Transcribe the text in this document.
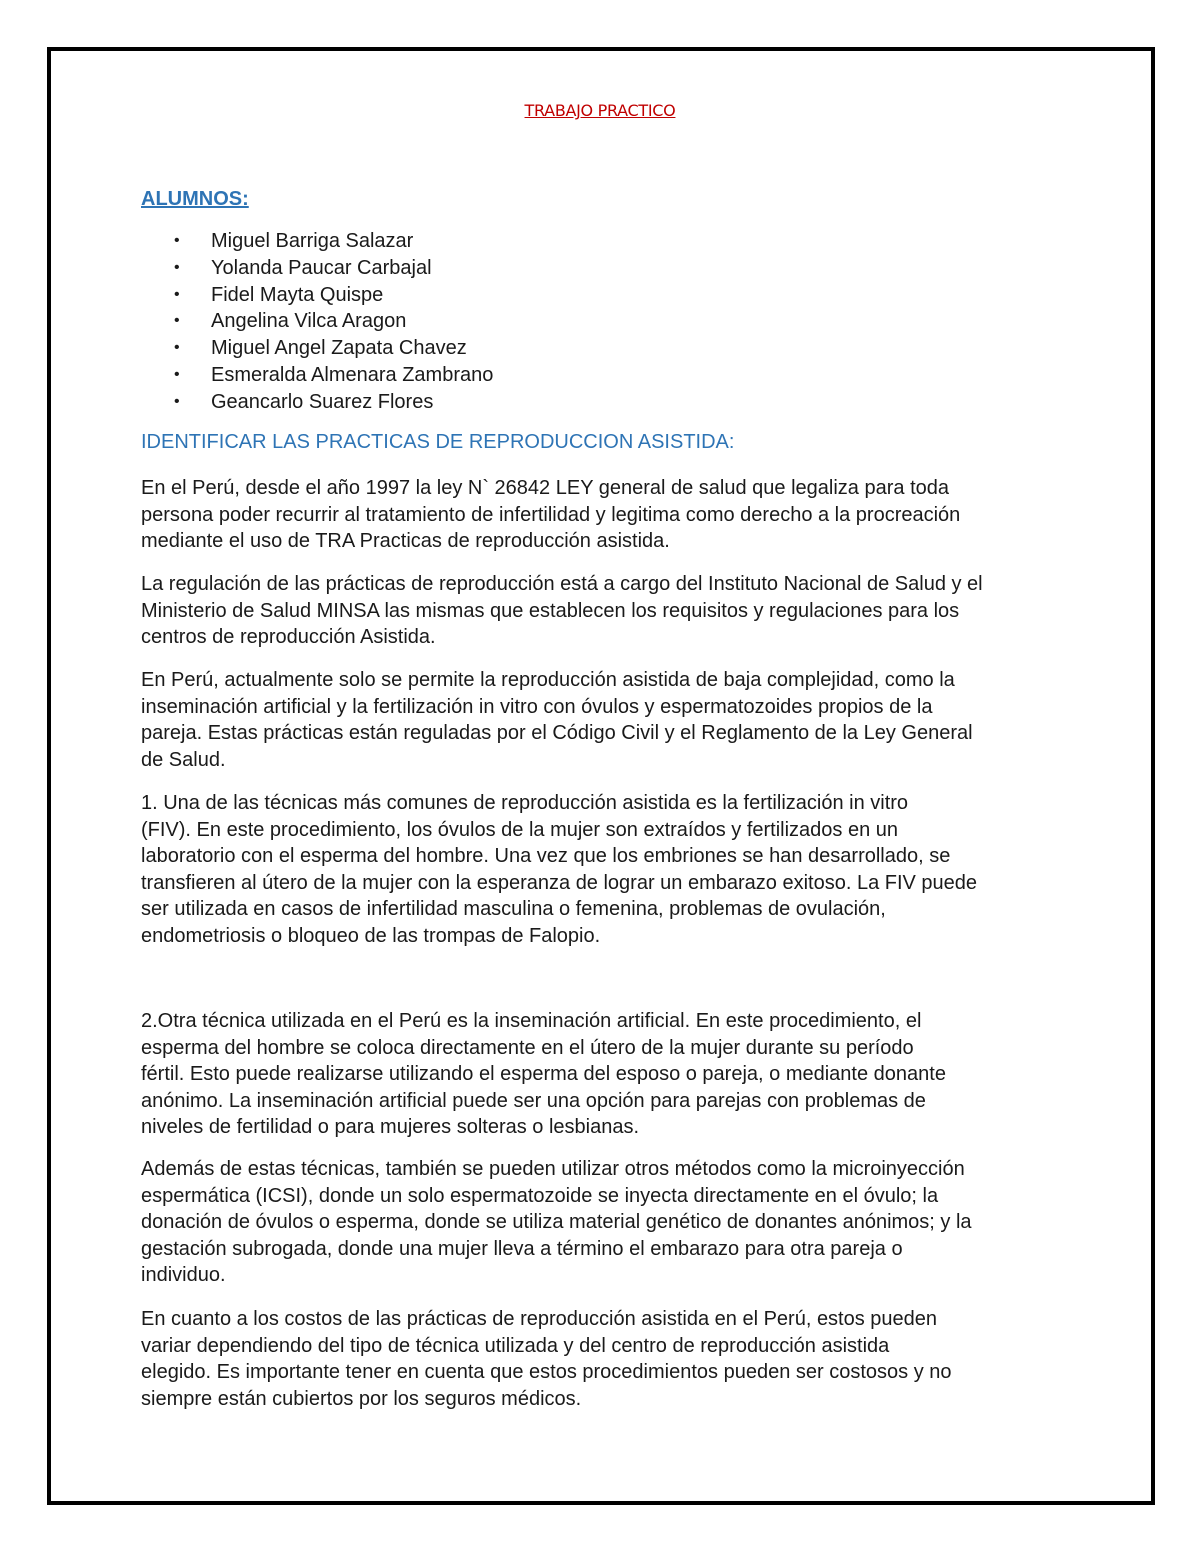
TRABAJO PRACTICO
ALUMNOS:
• Miguel Barriga Salazar
• Yolanda Paucar Carbajal
• Fidel Mayta Quispe
• Angelina Vilca Aragon
• Miguel Angel Zapata Chavez
• Esmeralda Almenara Zambrano
• Geancarlo Suarez Flores
IDENTIFICAR LAS PRACTICAS DE REPRODUCCION ASISTIDA:

En el Perú, desde el año 1997 la ley N` 26842 LEY general de salud que legaliza para toda
persona poder recurrir al tratamiento de infertilidad y legitima como derecho a la procreación
mediante el uso de TRA Practicas de reproducción asistida.

La regulación de las prácticas de reproducción está a cargo del Instituto Nacional de Salud y el
Ministerio de Salud MINSA las mismas que establecen los requisitos y regulaciones para los
centros de reproducción Asistida.

En Perú, actualmente solo se permite la reproducción asistida de baja complejidad, como la
inseminación artificial y la fertilización in vitro con óvulos y espermatozoides propios de la
pareja. Estas prácticas están reguladas por el Código Civil y el Reglamento de la Ley General
de Salud.

1. Una de las técnicas más comunes de reproducción asistida es la fertilización in vitro
(FIV). En este procedimiento, los óvulos de la mujer son extraídos y fertilizados en un
laboratorio con el esperma del hombre. Una vez que los embriones se han desarrollado, se
transfieren al útero de la mujer con la esperanza de lograr un embarazo exitoso. La FIV puede
ser utilizada en casos de infertilidad masculina o femenina, problemas de ovulación,
endometriosis o bloqueo de las trompas de Falopio.

2.Otra técnica utilizada en el Perú es la inseminación artificial. En este procedimiento, el
esperma del hombre se coloca directamente en el útero de la mujer durante su período
fértil. Esto puede realizarse utilizando el esperma del esposo o pareja, o mediante donante
anónimo. La inseminación artificial puede ser una opción para parejas con problemas de
niveles de fertilidad o para mujeres solteras o lesbianas.

Además de estas técnicas, también se pueden utilizar otros métodos como la microinyección
espermática (ICSI), donde un solo espermatozoide se inyecta directamente en el óvulo; la
donación de óvulos o esperma, donde se utiliza material genético de donantes anónimos; y la
gestación subrogada, donde una mujer lleva a término el embarazo para otra pareja o
individuo.

En cuanto a los costos de las prácticas de reproducción asistida en el Perú, estos pueden
variar dependiendo del tipo de técnica utilizada y del centro de reproducción asistida
elegido. Es importante tener en cuenta que estos procedimientos pueden ser costosos y no
siempre están cubiertos por los seguros médicos.
